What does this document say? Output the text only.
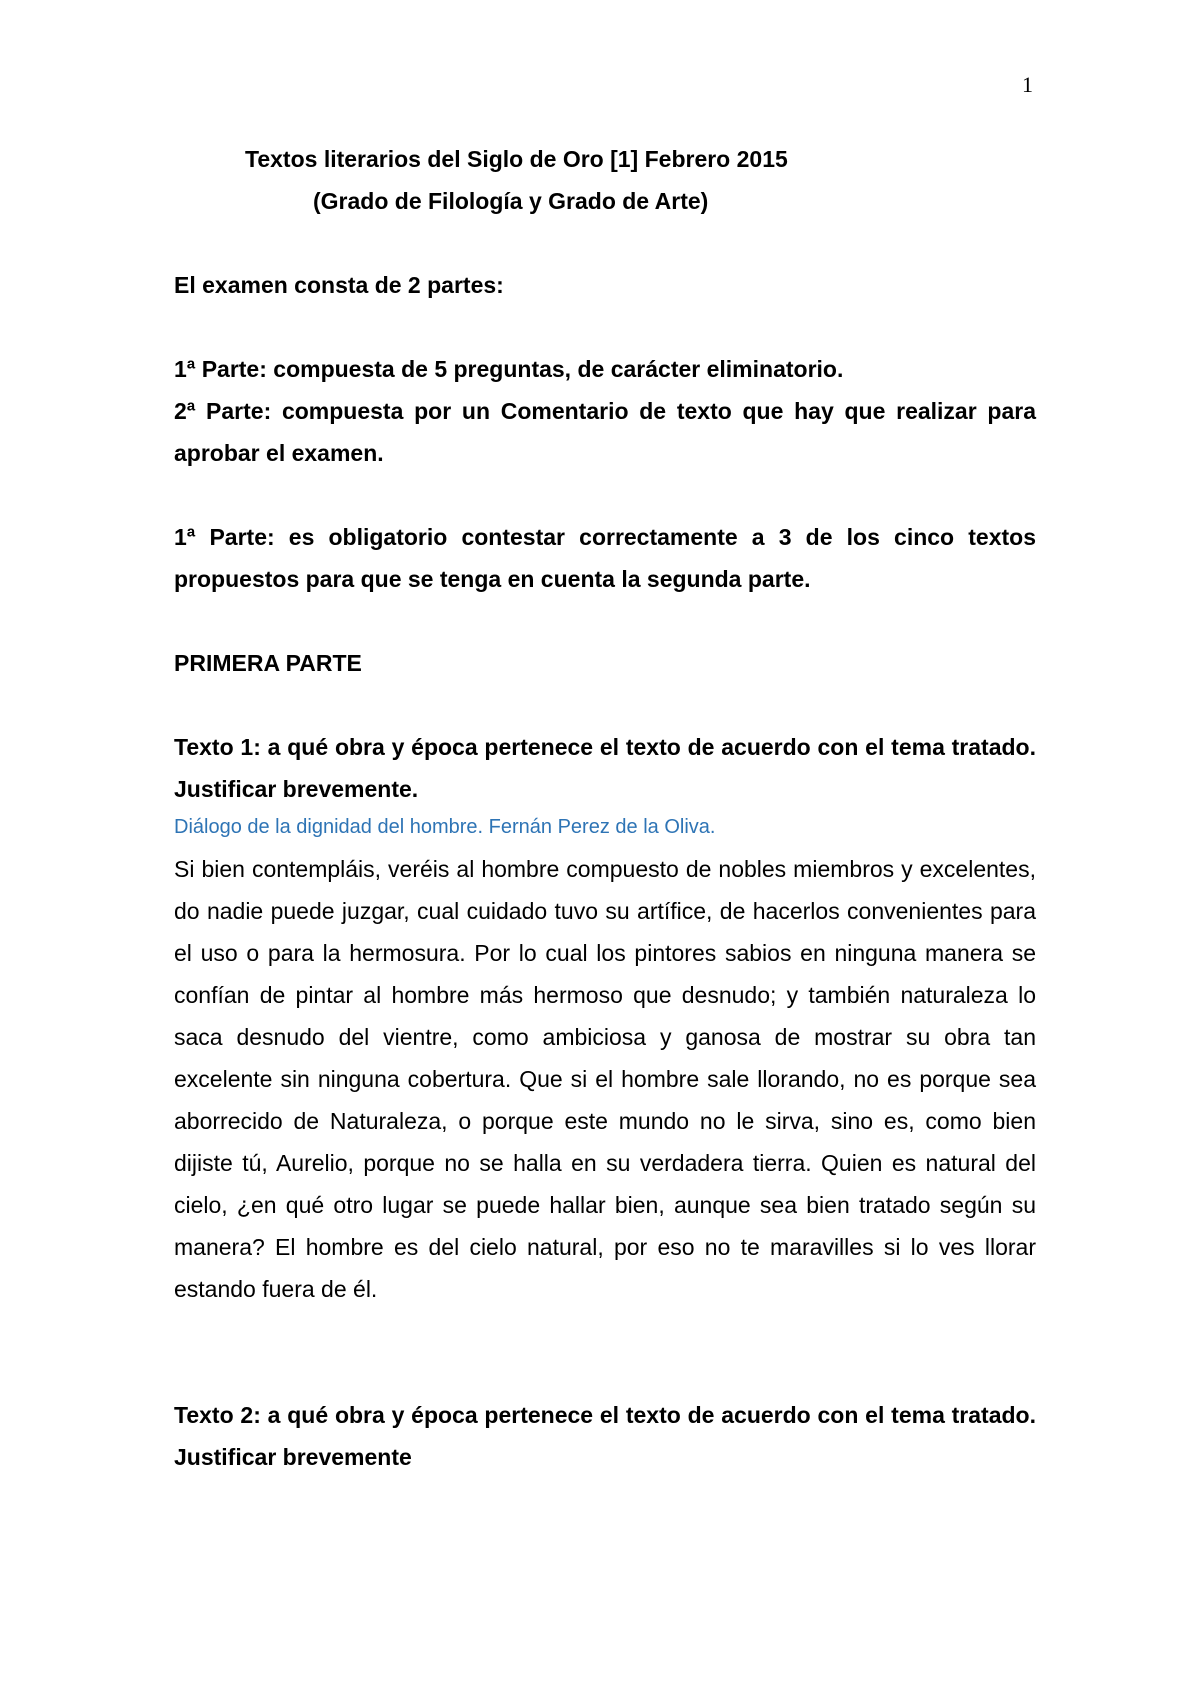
1

Textos literarios del Siglo de Oro [1] Febrero 2015

(Grado de Filología y Grado de Arte)

El examen consta de 2 partes:

1ª Parte: compuesta de 5 preguntas, de carácter eliminatorio.

2ª Parte: compuesta por un Comentario de texto que hay que realizar para aprobar el examen.

1ª Parte: es obligatorio contestar correctamente a 3 de los cinco textos propuestos para que se tenga en cuenta la segunda parte.

PRIMERA PARTE

Texto 1: a qué obra y época pertenece el texto de acuerdo con el tema tratado. Justificar brevemente.

Diálogo de la dignidad del hombre. Fernán Perez de la Oliva.

Si bien contempláis, veréis al hombre compuesto de nobles miembros y excelentes, do nadie puede juzgar, cual cuidado tuvo su artífice, de hacerlos convenientes para el uso o para la hermosura. Por lo cual los pintores sabios en ninguna manera se confían de pintar al hombre más hermoso que desnudo; y también naturaleza lo saca desnudo del vientre, como ambiciosa y ganosa de mostrar su obra tan excelente sin ninguna cobertura. Que si el hombre sale llorando, no es porque sea aborrecido de Naturaleza, o porque este mundo no le sirva, sino es, como bien dijiste tú, Aurelio, porque no se halla en su verdadera tierra. Quien es natural del cielo, ¿en qué otro lugar se puede hallar bien, aunque sea bien tratado según su manera? El hombre es del cielo natural, por eso no te maravilles si lo ves llorar estando fuera de él.

Texto 2: a qué obra y época pertenece el texto de acuerdo con el tema tratado. Justificar brevemente
